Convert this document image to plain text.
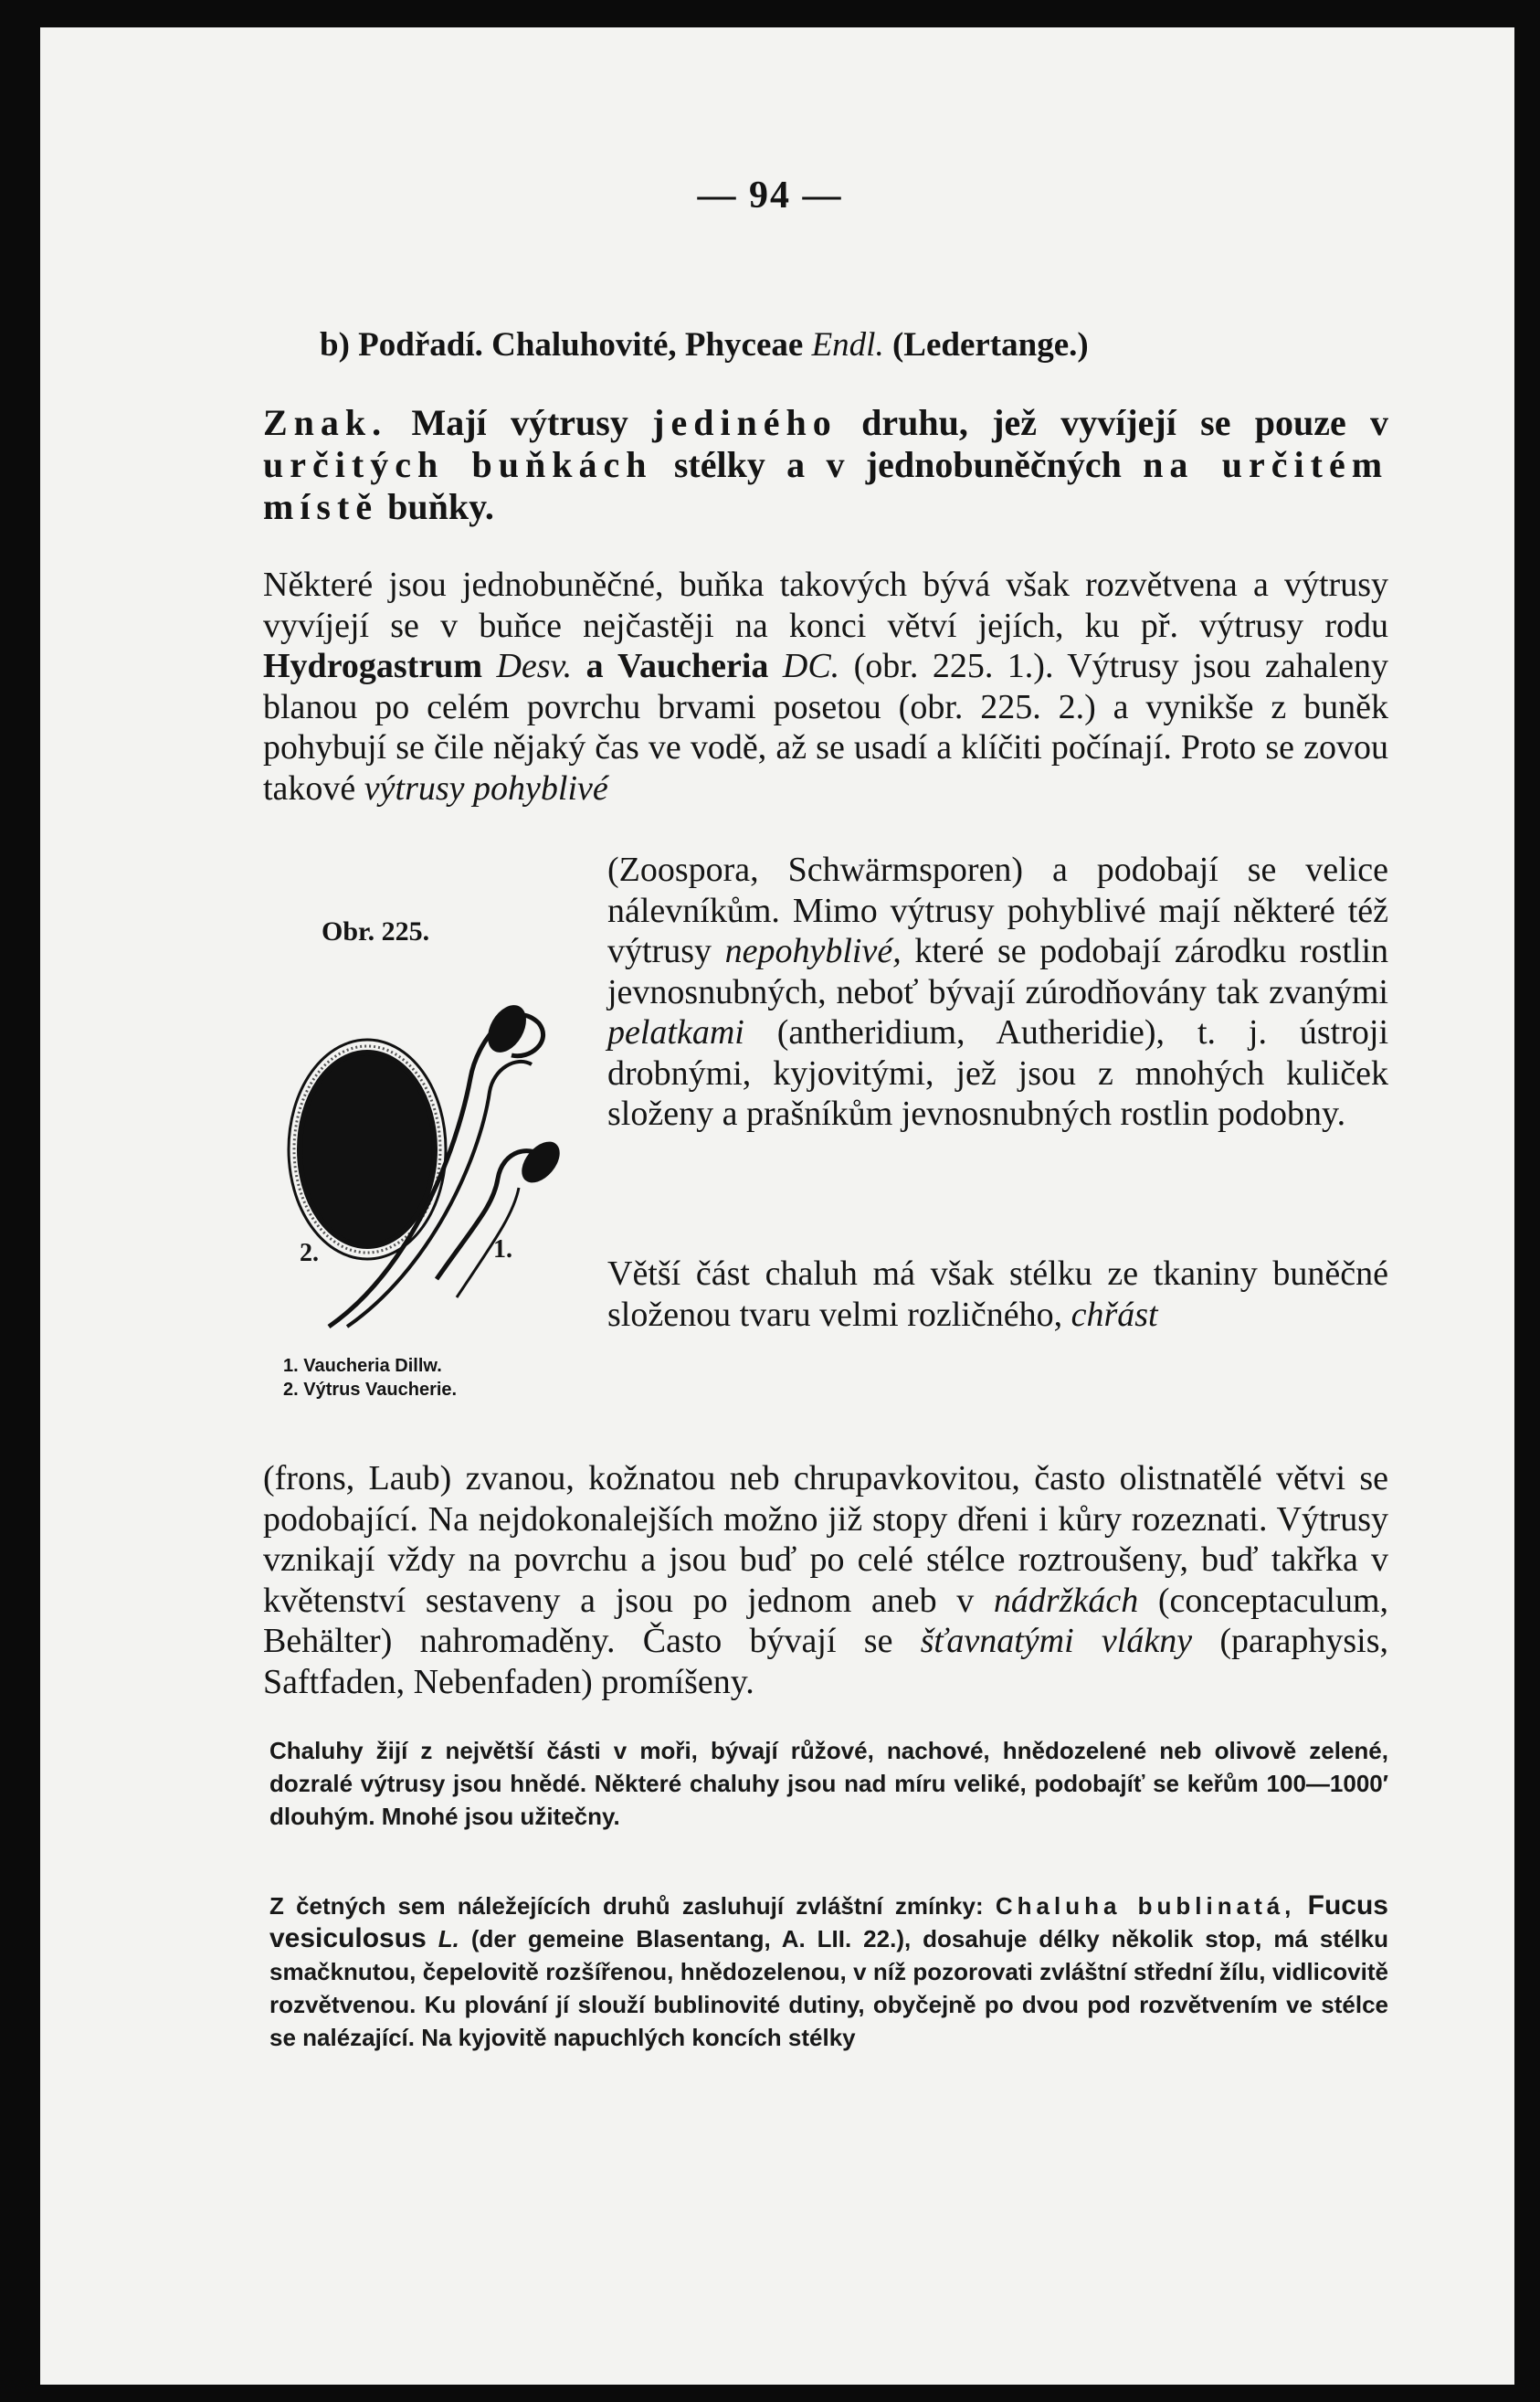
— 94 —
b) Podřadí. Chaluhovité, Phyceae Endl. (Ledertange.)
Znak. Mají výtrusy jediného druhu, jež vyvíjejí se pouze v určitých buňkách stélky a v jednobuněčných na určitém místě buňky.
Některé jsou jednobuněčné, buňka takových bývá však rozvětvena a výtrusy vyvíjejí se v buňce nejčastěji na konci větví jejích, ku př. výtrusy rodu Hydrogastrum Desv. a Vaucheria DC. (obr. 225. 1.). Výtrusy jsou zahaleny blanou po celém povrchu brvami posetou (obr. 225. 2.) a vynikše z buněk pohybují se čile nějaký čas ve vodě, až se usadí a klíčiti počínají. Proto se zovou takové výtrusy pohyblivé
(Zoospora, Schwärmsporen) a podobají se velice nálevníkům. Mimo výtrusy pohyblivé mají některé též výtrusy nepohyblivé, které se podobají zárodku rostlin jevnosnubných, neboť bývají zúrodňovány tak zvanými pelatkami (antheridium, Autheridie), t. j. ústroji drobnými, kyjovitými, jež jsou z mnohých kuliček složeny a prašníkům jevnosnubných rostlin podobny.
Obr. 225.
2.	1.
1. Vaucheria Dillw.
2. Výtrus Vaucherie.
Větší část chaluh má však stélku ze tkaniny buněčné složenou tvaru velmi rozličného, chřást
(frons, Laub) zvanou, kožnatou neb chrupavkovitou, často olistnatělé větvi se podobající. Na nejdokonalejších možno již stopy dřeni i kůry rozeznati. Výtrusy vznikají vždy na povrchu a jsou buď po celé stélce roztroušeny, buď takřka v květenství sestaveny a jsou po jednom aneb v nádržkách (conceptaculum, Behälter) nahromaděny. Často bývají se šťavnatými vlákny (paraphysis, Saftfaden, Nebenfaden) promíšeny.
Chaluhy žijí z největší části v moři, bývají růžové, nachové, hnědozelené neb olivově zelené, dozralé výtrusy jsou hnědé. Některé chaluhy jsou nad míru veliké, podobajíť se keřům 100—1000′ dlouhým. Mnohé jsou užitečny.
Z četných sem náležejících druhů zasluhují zvláštní zmínky: Chaluha bublinatá, Fucus vesiculosus L. (der gemeine Blasentang, A. LII. 22.), dosahuje délky několik stop, má stélku smačknutou, čepelovitě rozšířenou, hnědozelenou, v níž pozorovati zvláštní střední žílu, vidlicovitě rozvětvenou. Ku plování jí slouží bublinovité dutiny, obyčejně po dvou pod rozvětvením ve stélce se nalézající. Na kyjovitě napuchlých koncích stélky
